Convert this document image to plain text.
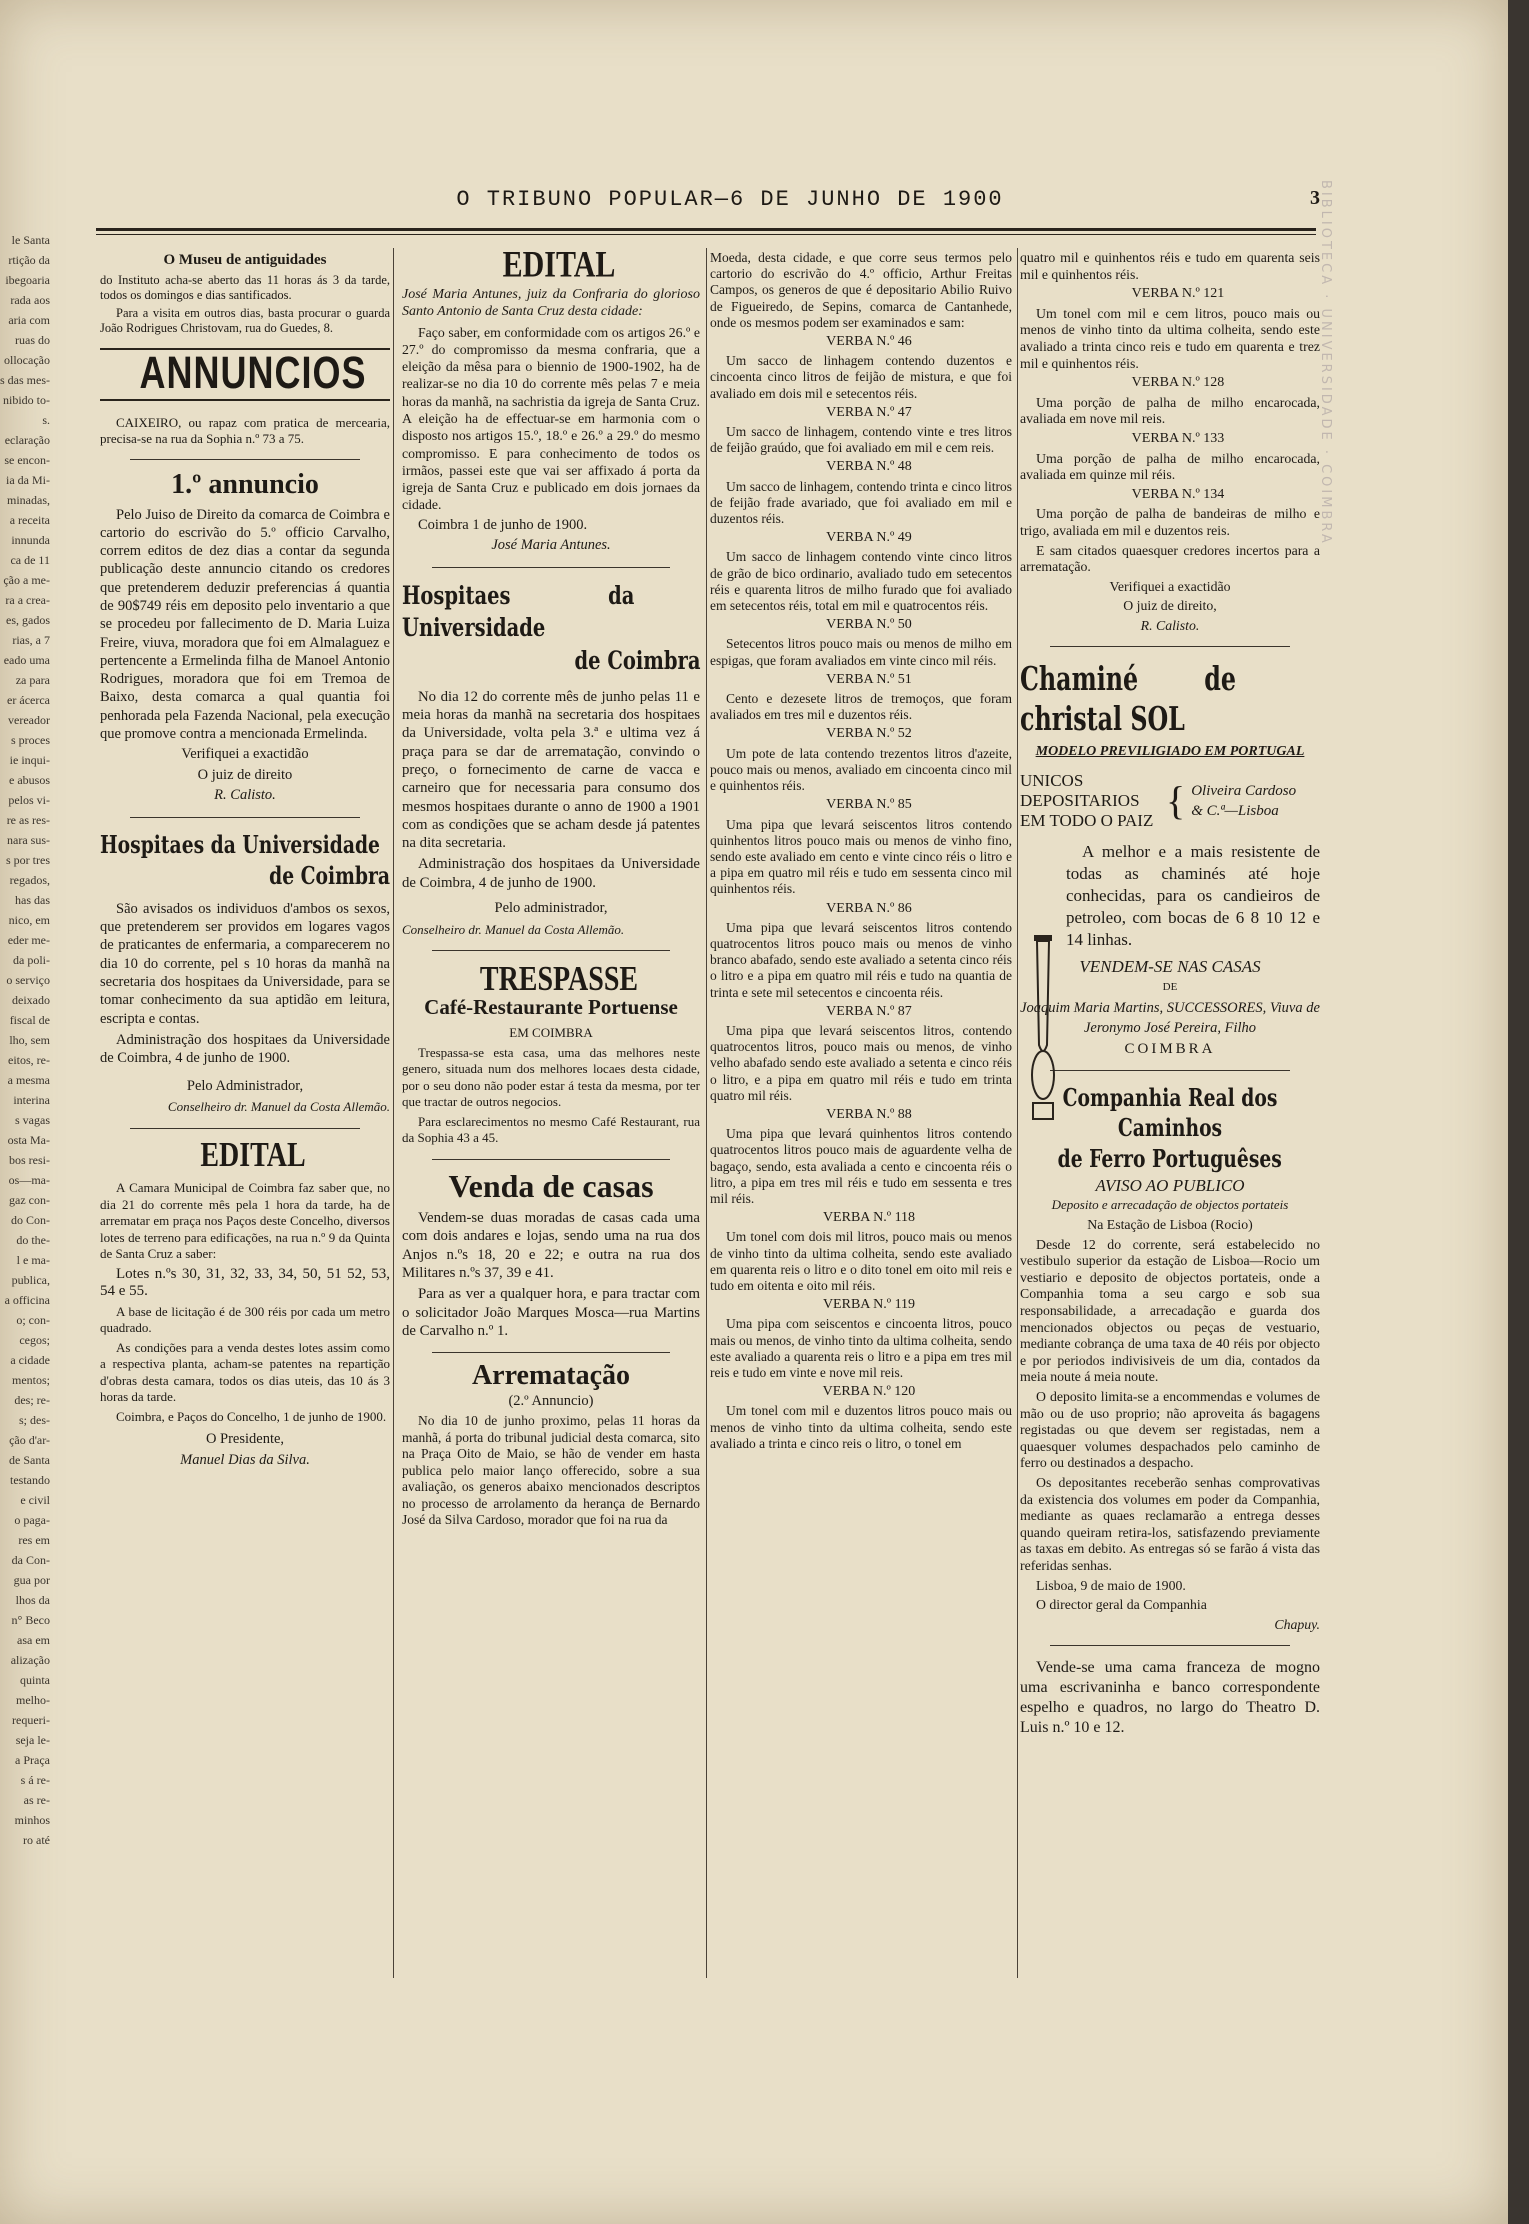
le Santa
rtição da
ibegoaria
rada aos
aria com
ruas do
ollocação
s das mes-
nibido to-
s.
eclaração
se encon-
ia da Mi-
minadas,
a receita
innunda
ca de 11
ção a me-
ra a crea-
es, gados
rias, a 7
eado uma
za para
er ácerca
vereador
s proces
ie inqui-
e abusos
pelos vi-
re as res-
nara sus-
s por tres
regados,
has das
nico, em
eder me-
da poli-
o serviço
deixado
fiscal de
lho, sem
eitos, re-
a mesma
interina
s vagas
osta Ma-
bos resi-
os—ma-
gaz con-
do Con-
do the-
l e ma-
publica,
a officina
o; con-
cegos;
a cidade
mentos;
des; re-
s; des-
ção d'ar-
de Santa
testando
e civil
o paga-
res em
da Con-
gua por
lhos da
n° Beco
asa em
alização
quinta
melho-
requeri-
seja le-
a Praça
s á re-
as re-
minhos
ro até
BIBLIOTECA · UNIVERSIDADE · COIMBRA
O TRIBUNO POPULAR—6 DE JUNHO DE 1900	3

O Museu de antiguidades

do Instituto acha-se aberto das 11 horas ás 3 da tarde, todos os domingos e dias santificados.

Para a visita em outros dias, basta procurar o guarda João Rodrigues Christovam, rua do Guedes, 8.

ANNUNCIOS

CAIXEIRO, ou rapaz com pratica de mercearia, precisa-se na rua da Sophia n.º 73 a 75.

1.º annuncio

Pelo Juiso de Direito da comarca de Coimbra e cartorio do escrivão do 5.º officio Carvalho, correm editos de dez dias a contar da segunda publicação deste annuncio citando os credores que pretenderem deduzir preferencias á quantia de 90$749 réis em deposito pelo inventario a que se procedeu por fallecimento de D. Maria Luiza Freire, viuva, moradora que foi em Almalaguez e pertencente a Ermelinda filha de Manoel Antonio Rodrigues, moradora que foi em Tremoa de Baixo, desta comarca a qual quantia foi penhorada pela Fazenda Nacional, pela execução que promove contra a mencionada Ermelinda.

Verifiquei a exactidão

O juiz de direito

R. Calisto.

Hospitaes da Universidade

de Coimbra

São avisados os individuos d'ambos os sexos, que pretenderem ser providos em logares vagos de praticantes de enfermaria, a comparecerem no dia 10 do corrente, pel s 10 horas da manhã na secretaria dos hospitaes da Universidade, para se tomar conhecimento da sua aptidão em leitura, escripta e contas.

Administração dos hospitaes da Universidade de Coimbra, 4 de junho de 1900.

Pelo Administrador,

Conselheiro dr. Manuel da Costa Allemão.

EDITAL

A Camara Municipal de Coimbra faz saber que, no dia 21 do corrente mês pela 1 hora da tarde, ha de arrematar em praça nos Paços deste Concelho, diversos lotes de terreno para edificações, na rua n.º 9 da Quinta de Santa Cruz a saber:

Lotes n.ºs 30, 31, 32, 33, 34, 50, 51 52, 53, 54 e 55.

A base de licitação é de 300 réis por cada um metro quadrado.

As condições para a venda destes lotes assim como a respectiva planta, acham-se patentes na repartição d'obras desta camara, todos os dias uteis, das 10 ás 3 horas da tarde.

Coimbra, e Paços do Concelho, 1 de junho de 1900.

O Presidente,

Manuel Dias da Silva.

EDITAL

José Maria Antunes, juiz da Confraria do glorioso Santo Antonio de Santa Cruz desta cidade:

Faço saber, em conformidade com os artigos 26.º e 27.º do compromisso da mesma confraria, que a eleição da mêsa para o biennio de 1900-1902, ha de realizar-se no dia 10 do corrente mês pelas 7 e meia horas da manhã, na sachristia da igreja de Santa Cruz. A eleição ha de effectuar-se em harmonia com o disposto nos artigos 15.º, 18.º e 26.º a 29.º do mesmo compromisso. E para conhecimento de todos os irmãos, passei este que vai ser affixado á porta da igreja de Santa Cruz e publicado em dois jornaes da cidade.

Coimbra 1 de junho de 1900.

José Maria Antunes.

Hospitaes da Universidade

de Coimbra

No dia 12 do corrente mês de junho pelas 11 e meia horas da manhã na secretaria dos hospitaes da Universidade, volta pela 3.ª e ultima vez á praça para se dar de arrematação, convindo o preço, o fornecimento de carne de vacca e carneiro que for necessaria para consumo dos mesmos hospitaes durante o anno de 1900 a 1901 com as condições que se acham desde já patentes na dita secretaria.

Administração dos hospitaes da Universidade de Coimbra, 4 de junho de 1900.

Pelo administrador,

Conselheiro dr. Manuel da Costa Allemão.

TRESPASSE

Café-Restaurante Portuense

EM COIMBRA

Trespassa-se esta casa, uma das melhores neste genero, situada num dos melhores locaes desta cidade, por o seu dono não poder estar á testa da mesma, por ter que tractar de outros negocios.

Para esclarecimentos no mesmo Café Restaurant, rua da Sophia 43 a 45.

Venda de casas

Vendem-se duas moradas de casas cada uma com dois andares e lojas, sendo uma na rua dos Anjos n.ºs 18, 20 e 22; e outra na rua dos Militares n.ºs 37, 39 e 41.

Para as ver a qualquer hora, e para tractar com o solicitador João Marques Mosca—rua Martins de Carvalho n.º 1.

Arrematação

(2.º Annuncio)

No dia 10 de junho proximo, pelas 11 horas da manhã, á porta do tribunal judicial desta comarca, sito na Praça Oito de Maio, se hão de vender em hasta publica pelo maior lanço offerecido, sobre a sua avaliação, os generos abaixo mencionados descriptos no processo de arrolamento da herança de Bernardo José da Silva Cardoso, morador que foi na rua da

Moeda, desta cidade, e que corre seus termos pelo cartorio do escrivão do 4.º officio, Arthur Freitas Campos, os generos de que é depositario Abilio Ruivo de Figueiredo, de Sepins, comarca de Cantanhede, onde os mesmos podem ser examinados e sam:

VERBA N.º 46

Um sacco de linhagem contendo duzentos e cincoenta cinco litros de feijão de mistura, e que foi avaliado em dois mil e setecentos réis.

VERBA N.º 47

Um sacco de linhagem, contendo vinte e tres litros de feijão graúdo, que foi avaliado em mil e cem reis.

VERBA N.º 48

Um sacco de linhagem, contendo trinta e cinco litros de feijão frade avariado, que foi avaliado em mil e duzentos réis.

VERBA N.º 49

Um sacco de linhagem contendo vinte cinco litros de grão de bico ordinario, avaliado tudo em setecentos réis e quarenta litros de milho furado que foi avaliado em setecentos réis, total em mil e quatrocentos réis.

VERBA N.º 50

Setecentos litros pouco mais ou menos de milho em espigas, que foram avaliados em vinte cinco mil réis.

VERBA N.º 51

Cento e dezesete litros de tremoços, que foram avaliados em tres mil e duzentos réis.

VERBA N.º 52

Um pote de lata contendo trezentos litros d'azeite, pouco mais ou menos, avaliado em cincoenta cinco mil e quinhentos réis.

VERBA N.º 85

Uma pipa que levará seiscentos litros contendo quinhentos litros pouco mais ou menos de vinho fino, sendo este avaliado em cento e vinte cinco réis o litro e a pipa em quatro mil réis e tudo em sessenta cinco mil quinhentos réis.

VERBA N.º 86

Uma pipa que levará seiscentos litros contendo quatrocentos litros pouco mais ou menos de vinho branco abafado, sendo este avaliado a setenta cinco réis o litro e a pipa em quatro mil réis e tudo na quantia de trinta e sete mil setecentos e cincoenta réis.

VERBA N.º 87

Uma pipa que levará seiscentos litros, contendo quatrocentos litros, pouco mais ou menos, de vinho velho abafado sendo este avaliado a setenta e cinco réis o litro, e a pipa em quatro mil réis e tudo em trinta quatro mil réis.

VERBA N.º 88

Uma pipa que levará quinhentos litros contendo quatrocentos litros pouco mais de aguardente velha de bagaço, sendo, esta avaliada a cento e cincoenta réis o litro, a pipa em tres mil réis e tudo em sessenta e tres mil réis.

VERBA N.º 118

Um tonel com dois mil litros, pouco mais ou menos de vinho tinto da ultima colheita, sendo este avaliado em quarenta reis o litro e o dito tonel em oito mil reis e tudo em oitenta e oito mil réis.

VERBA N.º 119

Uma pipa com seiscentos e cincoenta litros, pouco mais ou menos, de vinho tinto da ultima colheita, sendo este avaliado a quarenta reis o litro e a pipa em tres mil reis e tudo em vinte e nove mil reis.

VERBA N.º 120

Um tonel com mil e duzentos litros pouco mais ou menos de vinho tinto da ultima colheita, sendo este avaliado a trinta e cinco reis o litro, o tonel em

quatro mil e quinhentos réis e tudo em quarenta seis mil e quinhentos réis.

VERBA N.º 121

Um tonel com mil e cem litros, pouco mais ou menos de vinho tinto da ultima colheita, sendo este avaliado a trinta cinco reis e tudo em quarenta e trez mil e quinhentos réis.

VERBA N.º 128

Uma porção de palha de milho encarocada, avaliada em nove mil reis.

VERBA N.º 133

Uma porção de palha de milho encarocada, avaliada em quinze mil réis.

VERBA N.º 134

Uma porção de palha de bandeiras de milho e trigo, avaliada em mil e duzentos reis.

E sam citados quaesquer credores incertos para a arrematação.

Verifiquei a exactidão

O juiz de direito,

R. Calisto.

Chaminé de christal SOL

MODELO PREVILIGIADO EM PORTUGAL

UNICOS DEPOSITARIOS EM TODO O PAIZ { Oliveira Cardoso
& C.ª—Lisboa

A melhor e a mais resistente de todas as chaminés até hoje conhecidas, para os candieiros de petroleo, com bocas de 6 8 10 12 e 14 linhas.

VENDEM-SE NAS CASAS

DE

Joaquim Maria Martins, SUCCESSORES, Viuva de Jeronymo José Pereira, Filho

COIMBRA

Companhia Real dos Caminhos

de Ferro Portuguêses

AVISO AO PUBLICO

Deposito e arrecadação de objectos portateis

Na Estação de Lisboa (Rocio)

Desde 12 do corrente, será estabelecido no vestibulo superior da estação de Lisboa—Rocio um vestiario e deposito de objectos portateis, onde a Companhia toma a seu cargo e sob sua responsabilidade, a arrecadação e guarda dos mencionados objectos ou peças de vestuario, mediante cobrança de uma taxa de 40 réis por objecto e por periodos indivisiveis de um dia, contados da meia noute á meia noute.

O deposito limita-se a encommendas e volumes de mão ou de uso proprio; não aproveita ás bagagens registadas ou que devem ser registadas, nem a quaesquer volumes despachados pelo caminho de ferro ou destinados a despacho.

Os depositantes receberão senhas comprovativas da existencia dos volumes em poder da Companhia, mediante as quaes reclamarão a entrega desses quando queiram retira-los, satisfazendo previamente as taxas em debito. As entregas só se farão á vista das referidas senhas.

Lisboa, 9 de maio de 1900.

O director geral da Companhia

Chapuy.

Vende-se uma cama franceza de mogno uma escrivaninha e banco correspondente espelho e quadros, no largo do Theatro D. Luis n.º 10 e 12.
